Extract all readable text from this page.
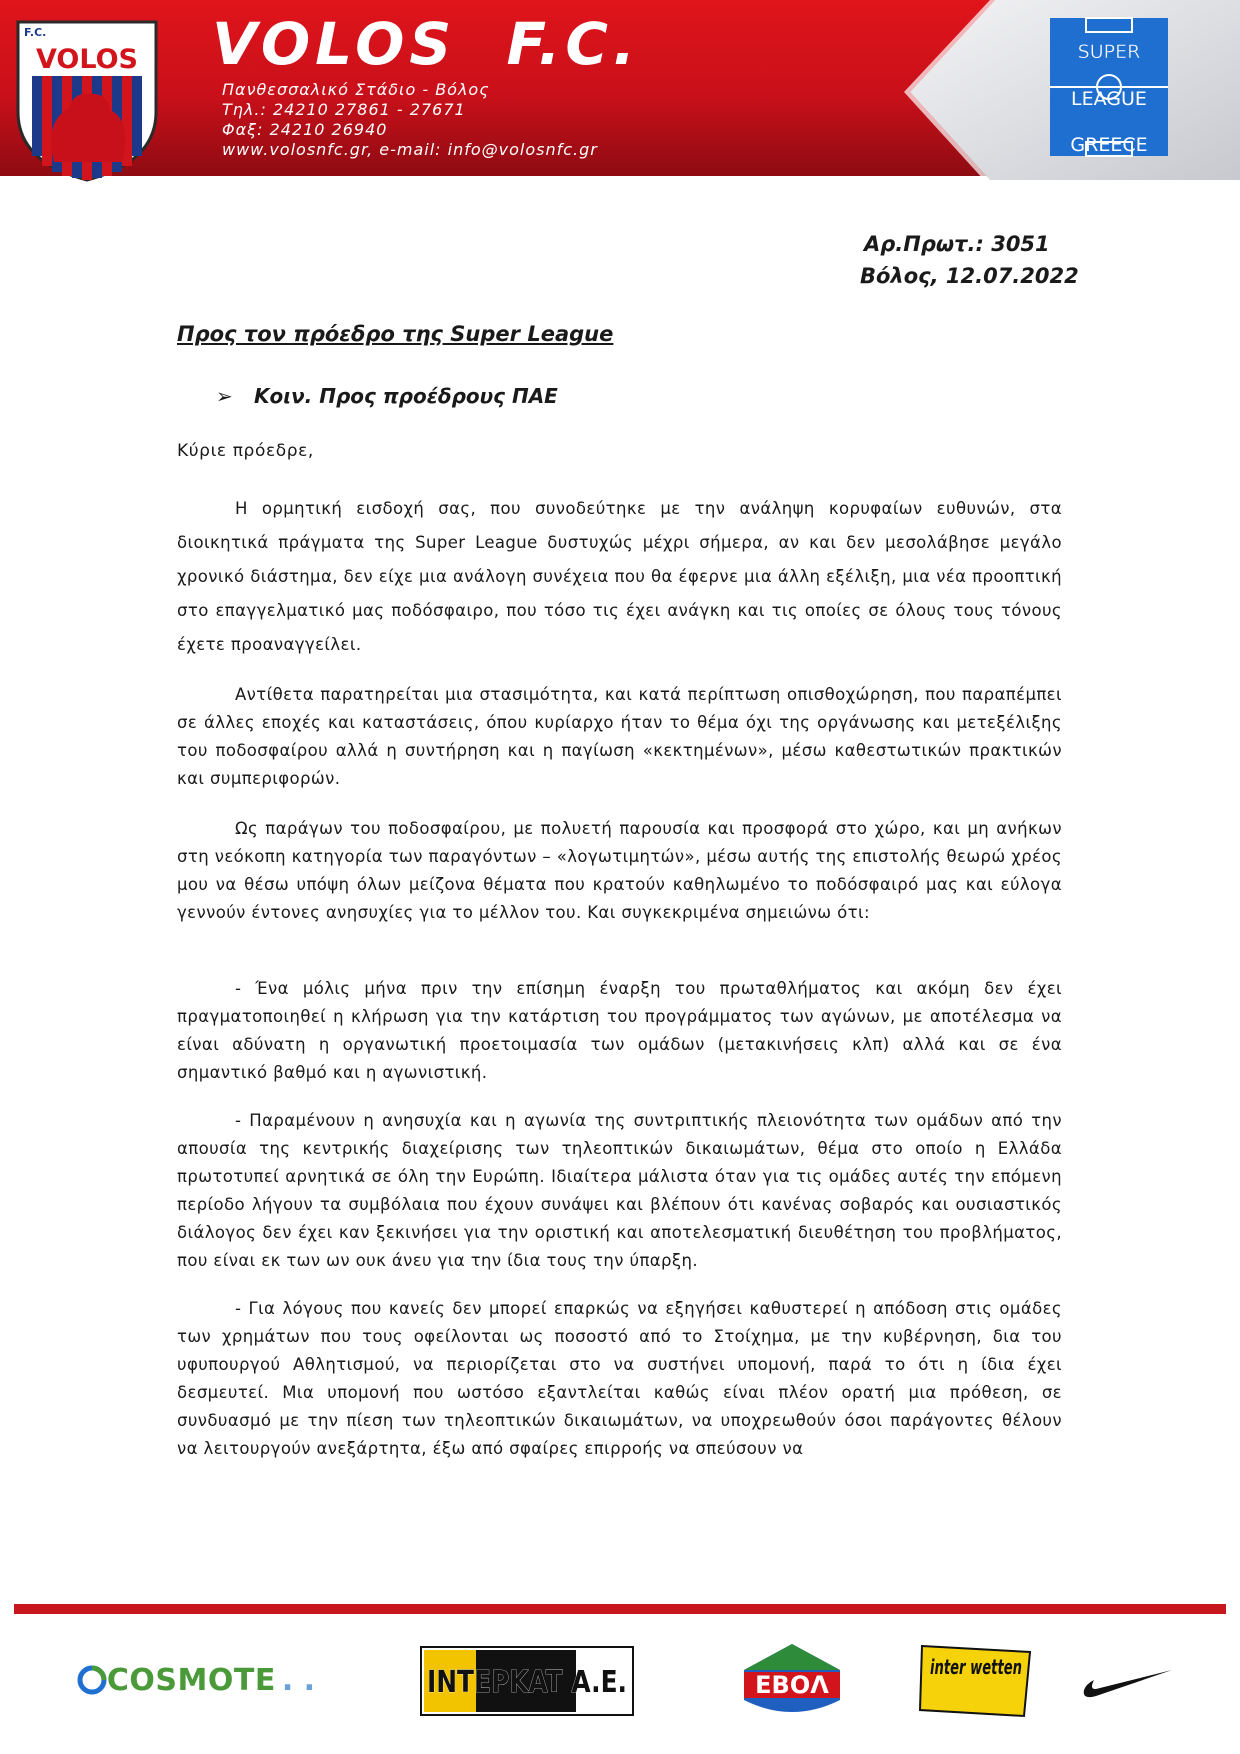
F.C.
VOLOS VOLOS  F.C.
Πανθεσσαλικό Στάδιο - Βόλος
Τηλ.: 24210 27861 - 27671
Φαξ: 24210 26940
www.volosnfc.gr, e-mail: info@volosnfc.gr
SUPER
LEAGUE
GREECE
Αρ.Πρωτ.: 3051
Βόλος, 12.07.2022
Προς τον πρόεδρο της Super League
➢ Κοιν. Προς προέδρους ΠΑΕ
Κύριε πρόεδρε,

Η ορμητική εισδοχή σας, που συνοδεύτηκε με την ανάληψη κορυφαίων ευθυνών, στα διοικητικά πράγματα της Super League δυστυχώς μέχρι σήμερα, αν και δεν μεσολάβησε μεγάλο χρονικό διάστημα, δεν είχε μια ανάλογη συνέχεια που θα έφερνε μια άλλη εξέλιξη, μια νέα προοπτική στο επαγγελματικό μας ποδόσφαιρο, που τόσο τις έχει ανάγκη και τις οποίες σε όλους τους τόνους έχετε προαναγγείλει.

Αντίθετα παρατηρείται μια στασιμότητα, και κατά περίπτωση οπισθοχώρηση, που παραπέμπει σε άλλες εποχές και καταστάσεις, όπου κυρίαρχο ήταν το θέμα όχι της οργάνωσης και μετεξέλιξης του ποδοσφαίρου αλλά η συντήρηση και η παγίωση «κεκτημένων», μέσω καθεστωτικών πρακτικών και συμπεριφορών.

Ως παράγων του ποδοσφαίρου, με πολυετή παρουσία και προσφορά στο χώρο, και μη ανήκων στη νεόκοπη κατηγορία των παραγόντων – «λογωτιμητών», μέσω αυτής της επιστολής θεωρώ χρέος μου να θέσω υπόψη όλων μείζονα θέματα που κρατούν καθηλωμένο το ποδόσφαιρό μας και εύλογα γεννούν έντονες ανησυχίες για το μέλλον του. Και συγκεκριμένα σημειώνω ότι:

- Ένα μόλις μήνα πριν την επίσημη έναρξη του πρωταθλήματος και ακόμη δεν έχει πραγματοποιηθεί η κλήρωση για την κατάρτιση του προγράμματος των αγώνων, με αποτέλεσμα να είναι αδύνατη η οργανωτική προετοιμασία των ομάδων (μετακινήσεις κλπ) αλλά και σε ένα σημαντικό βαθμό και η αγωνιστική.

- Παραμένουν η ανησυχία και η αγωνία της συντριπτικής πλειονότητα των ομάδων από την απουσία της κεντρικής διαχείρισης των τηλεοπτικών δικαιωμάτων, θέμα στο οποίο η Ελλάδα πρωτοτυπεί αρνητικά σε όλη την Ευρώπη. Ιδιαίτερα μάλιστα όταν για τις ομάδες αυτές την επόμενη περίοδο λήγουν τα συμβόλαια που έχουν συνάψει και βλέπουν ότι κανένας σοβαρός και ουσιαστικός διάλογος δεν έχει καν ξεκινήσει για την οριστική και αποτελεσματική διευθέτηση του προβλήματος, που είναι εκ των ων ουκ άνευ για την ίδια τους την ύπαρξη.

- Για λόγους που κανείς δεν μπορεί επαρκώς να εξηγήσει καθυστερεί η απόδοση στις ομάδες των χρημάτων που τους οφείλονται ως ποσοστό από το Στοίχημα, με την κυβέρνηση, δια του υφυπουργού Αθλητισμού, να περιορίζεται στο να συστήνει υπομονή, παρά το ότι η ίδια έχει δεσμευτεί. Μια υπομονή που ωστόσο εξαντλείται καθώς είναι πλέον ορατή μια πρόθεση, σε συνδυασμό με την πίεση των τηλεοπτικών δικαιωμάτων, να υποχρεωθούν όσοι παράγοντες θέλουν να λειτουργούν ανεξάρτητα, έξω από σφαίρες επιρροής να σπεύσουν να

COSMOTE . .	INTEPKAT A.E.	ΕΒΟΛ
inter wetten
